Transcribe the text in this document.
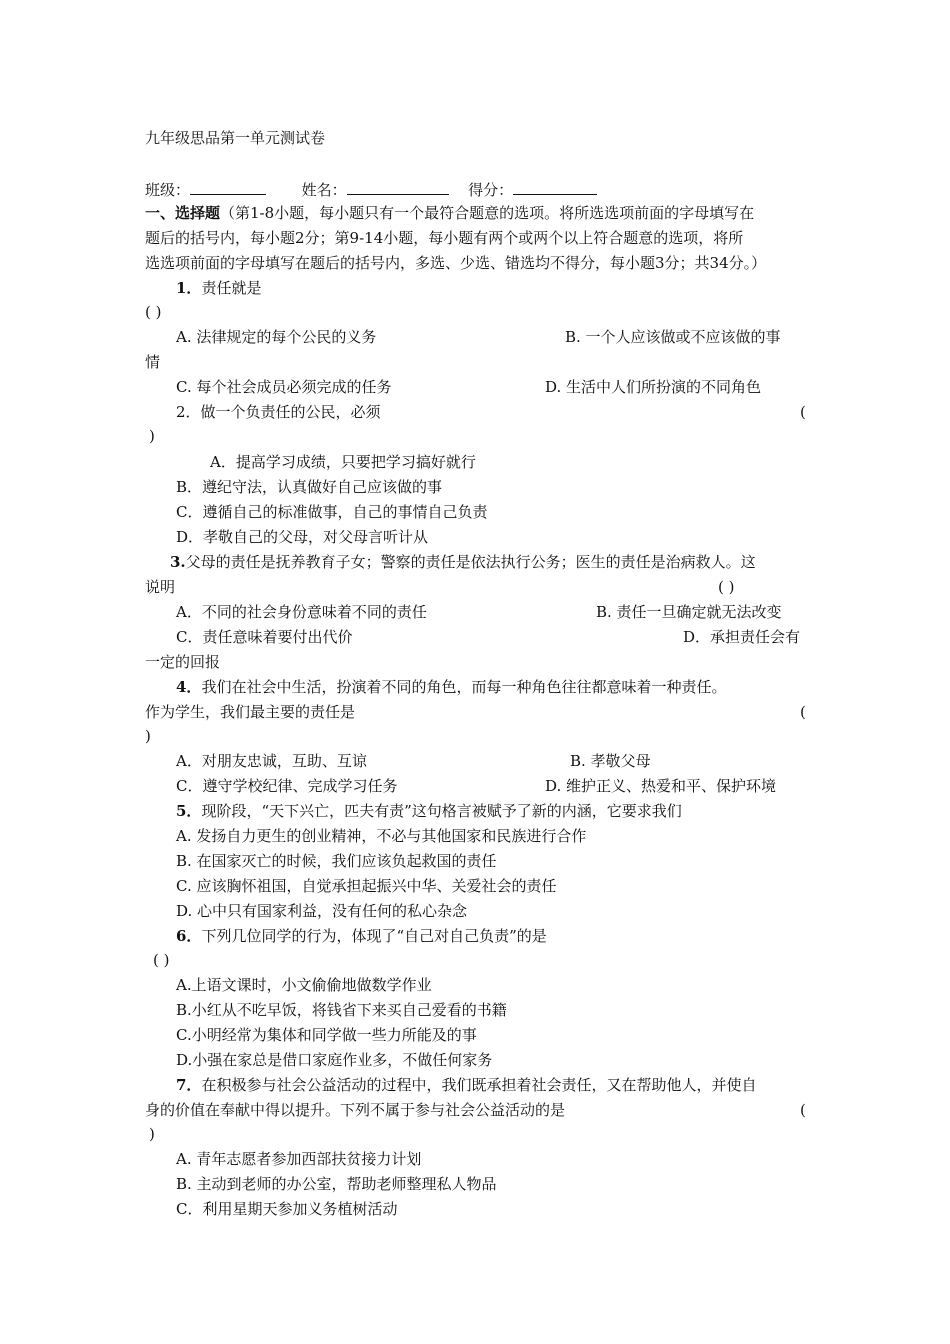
九年级思品第一单元测试卷
班级：	姓名：	得分：
一、选择题（第1-8小题，每小题只有一个最符合题意的选项。将所选选项前面的字母填写在
题后的括号内，每小题2分；第9-14小题，每小题有两个或两个以上符合题意的选项，将所
选选项前面的字母填写在题后的括号内，多选、少选、错选均不得分，每小题3分；共34分。）
1．责任就是
( )
A. 法律规定的每个公民的义务	B. 一个人应该做或不应该做的事
情
C. 每个社会成员必须完成的任务	D. 生活中人们所扮演的不同角色
2．做一个负责任的公民，必须	(
)
A．提高学习成绩，只要把学习搞好就行
B．遵纪守法，认真做好自己应该做的事
C．遵循自己的标准做事，自己的事情自己负责
D．孝敬自己的父母，对父母言听计从
3.父母的责任是抚养教育子女；警察的责任是依法执行公务；医生的责任是治病救人。这
说明	( )
A．不同的社会身份意味着不同的责任	B. 责任一旦确定就无法改变
C．责任意味着要付出代价	D．承担责任会有
一定的回报
4．我们在社会中生活，扮演着不同的角色，而每一种角色往往都意味着一种责任。
作为学生，我们最主要的责任是	(
)
A．对朋友忠诚，互助、互谅	B. 孝敬父母
C．遵守学校纪律、完成学习任务	D. 维护正义、热爱和平、保护环境
5．现阶段，“天下兴亡，匹夫有责”这句格言被赋予了新的内涵，它要求我们
A. 发扬自力更生的创业精神，不必与其他国家和民族进行合作
B. 在国家灭亡的时候，我们应该负起救国的责任
C. 应该胸怀祖国，自觉承担起振兴中华、关爱社会的责任
D. 心中只有国家利益，没有任何的私心杂念
6．下列几位同学的行为，体现了“自己对自己负责”的是
( )
A.上语文课时，小文偷偷地做数学作业
B.小红从不吃早饭，将钱省下来买自己爱看的书籍
C.小明经常为集体和同学做一些力所能及的事
D.小强在家总是借口家庭作业多，不做任何家务
7．在积极参与社会公益活动的过程中，我们既承担着社会责任，又在帮助他人，并使自
身的价值在奉献中得以提升。下列不属于参与社会公益活动的是	(
)
A. 青年志愿者参加西部扶贫接力计划
B. 主动到老师的办公室，帮助老师整理私人物品
C．利用星期天参加义务植树活动
